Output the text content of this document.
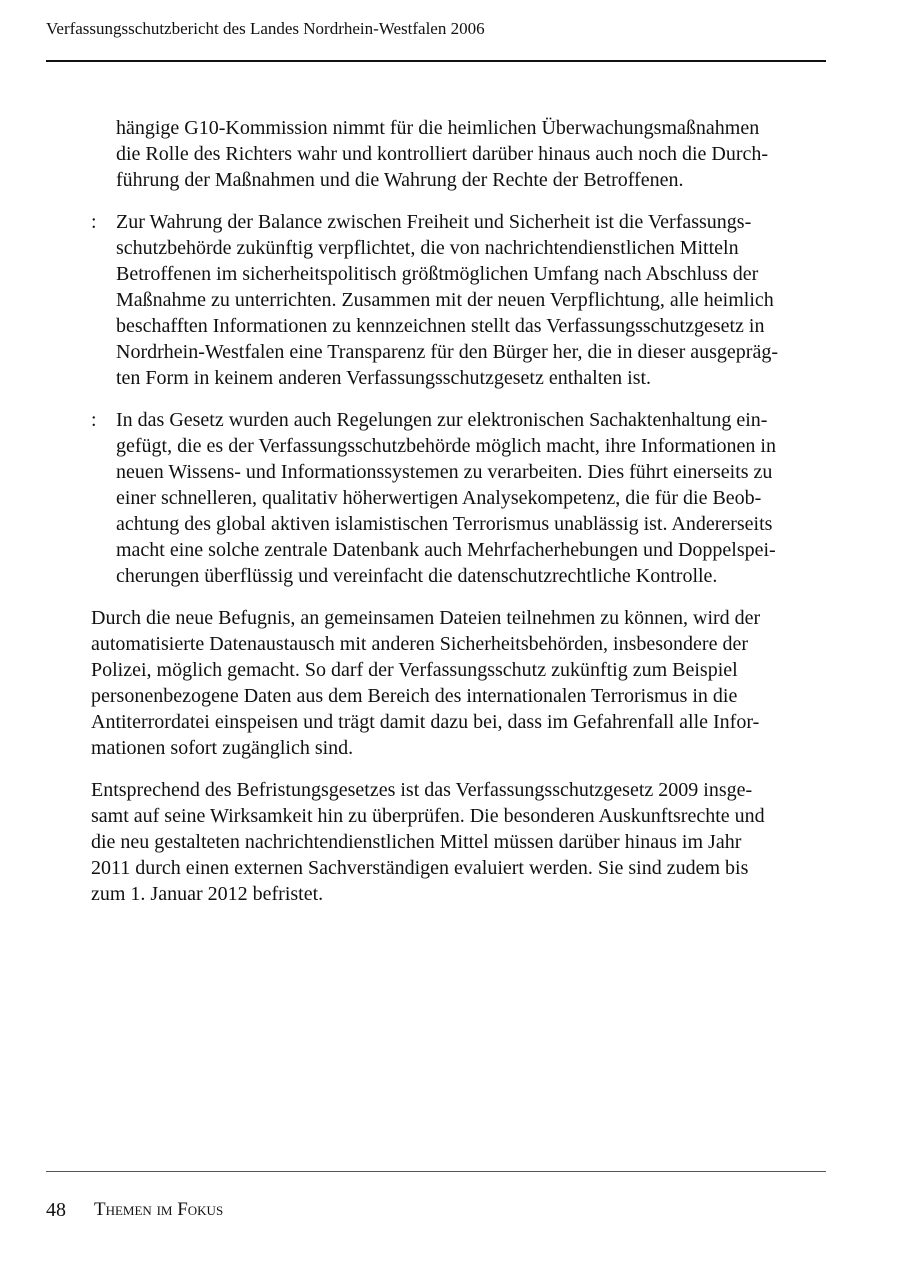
Verfassungsschutzbericht des Landes Nordrhein-Westfalen 2006
hängige G10-Kommission nimmt für die heimlichen Überwachungsmaßnahmen
die Rolle des Richters wahr und kontrolliert darüber hinaus auch noch die Durch-
führung der Maßnahmen und die Wahrung der Rechte der Betroffenen.
: Zur Wahrung der Balance zwischen Freiheit und Sicherheit ist die Verfassungs-
schutzbehörde zukünftig verpflichtet, die von nachrichtendienstlichen Mitteln
Betroffenen im sicherheitspolitisch größtmöglichen Umfang nach Abschluss der
Maßnahme zu unterrichten. Zusammen mit der neuen Verpflichtung, alle heimlich
beschafften Informationen zu kennzeichnen stellt das Verfassungsschutzgesetz in
Nordrhein-Westfalen eine Transparenz für den Bürger her, die in dieser ausgepräg-
ten Form in keinem anderen Verfassungsschutzgesetz enthalten ist.
: In das Gesetz wurden auch Regelungen zur elektronischen Sachaktenhaltung ein-
gefügt, die es der Verfassungsschutzbehörde möglich macht, ihre Informationen in
neuen Wissens- und Informationssystemen zu verarbeiten. Dies führt einerseits zu
einer schnelleren, qualitativ höherwertigen Analysekompetenz, die für die Beob-
achtung des global aktiven islamistischen Terrorismus unablässig ist. Andererseits
macht eine solche zentrale Datenbank auch Mehrfacherhebungen und Doppelspei-
cherungen überflüssig und vereinfacht die datenschutzrechtliche Kontrolle.
Durch die neue Befugnis, an gemeinsamen Dateien teilnehmen zu können, wird der
automatisierte Datenaustausch mit anderen Sicherheitsbehörden, insbesondere der
Polizei, möglich gemacht. So darf der Verfassungsschutz zukünftig zum Beispiel
personenbezogene Daten aus dem Bereich des internationalen Terrorismus in die
Antiterrordatei einspeisen und trägt damit dazu bei, dass im Gefahrenfall alle Infor-
mationen sofort zugänglich sind.
Entsprechend des Befristungsgesetzes ist das Verfassungsschutzgesetz 2009 insge-
samt auf seine Wirksamkeit hin zu überprüfen. Die besonderen Auskunftsrechte und
die neu gestalteten nachrichtendienstlichen Mittel müssen darüber hinaus im Jahr
2011 durch einen externen Sachverständigen evaluiert werden. Sie sind zudem bis
zum 1. Januar 2012 befristet.
48 Themen im Fokus
